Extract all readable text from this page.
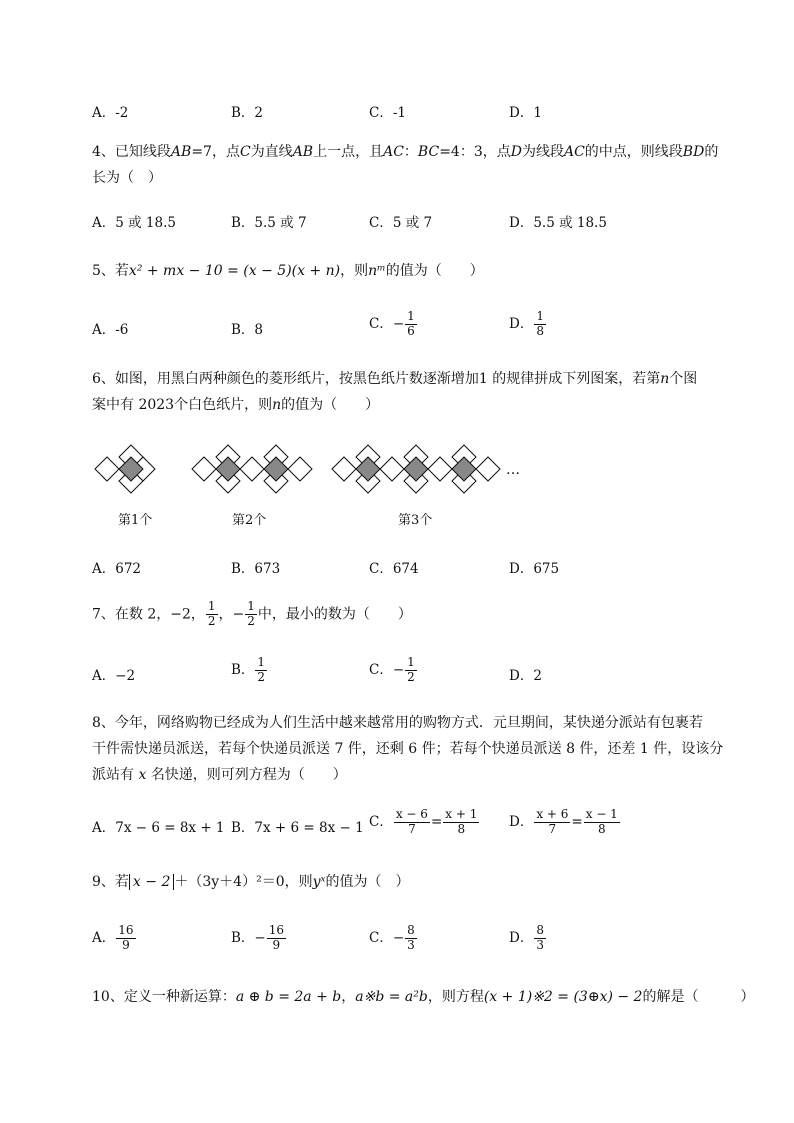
A．-2	B．2	C．-1	D．1
4、已知线段AB=7，点C为直线AB上一点，且AC：BC=4：3，点D为线段AC的中点，则线段BD的
长为（　）
A．5 或 18.5	B．5.5 或 7	C．5 或 7	D．5.5 或 18.5
5、若x² + mx − 10 = (x − 5)(x + n)，则nᵐ的值为（　　）
A．-6	B．8	C．− $\frac{1}{6}$	D． $\frac{1}{8}$
6、如图，用黑白两种颜色的菱形纸片，按黑色纸片数逐渐增加1 的规律拼成下列图案，若第n个图
案中有 2023个白色纸片，则n的值为（　　）
…
第1个	第2个	第3个
A．672	B．673	C．674	D．675
7、在数 2，−2， $\frac{1}{2}$ ，− $\frac{1}{2}$ 中，最小的数为（　　）
A．−2	B． $\frac{1}{2}$	C．− $\frac{1}{2}$	D．2
8、今年，网络购物已经成为人们生活中越来越常用的购物方式．元旦期间，某快递分派站有包裹若
干件需快递员派送，若每个快递员派送 7 件，还剩 6 件；若每个快递员派送 8 件，还差 1 件，设该分
派站有 x 名快递，则可列方程为（　　）
A．7x − 6 = 8x + 1 B．7x + 6 = 8x − 1 C． $\frac{x - 6}{7} = \frac{x + 1}{8}$ D． $\frac{x + 6}{7} = \frac{x - 1}{8}$
9、若 x − 2 ＋（3y＋4）²＝0，则yˣ的值为（　）
A． $\frac{16}{9}$	B．− $\frac{16}{9}$	C．− $\frac{8}{3}$	D． $\frac{8}{3}$
10、定义一种新运算：a ⊕ b = 2a + b，a※b = a²b，则方程(x + 1)※2 = (3⊕x) − 2的解是（　　　）
